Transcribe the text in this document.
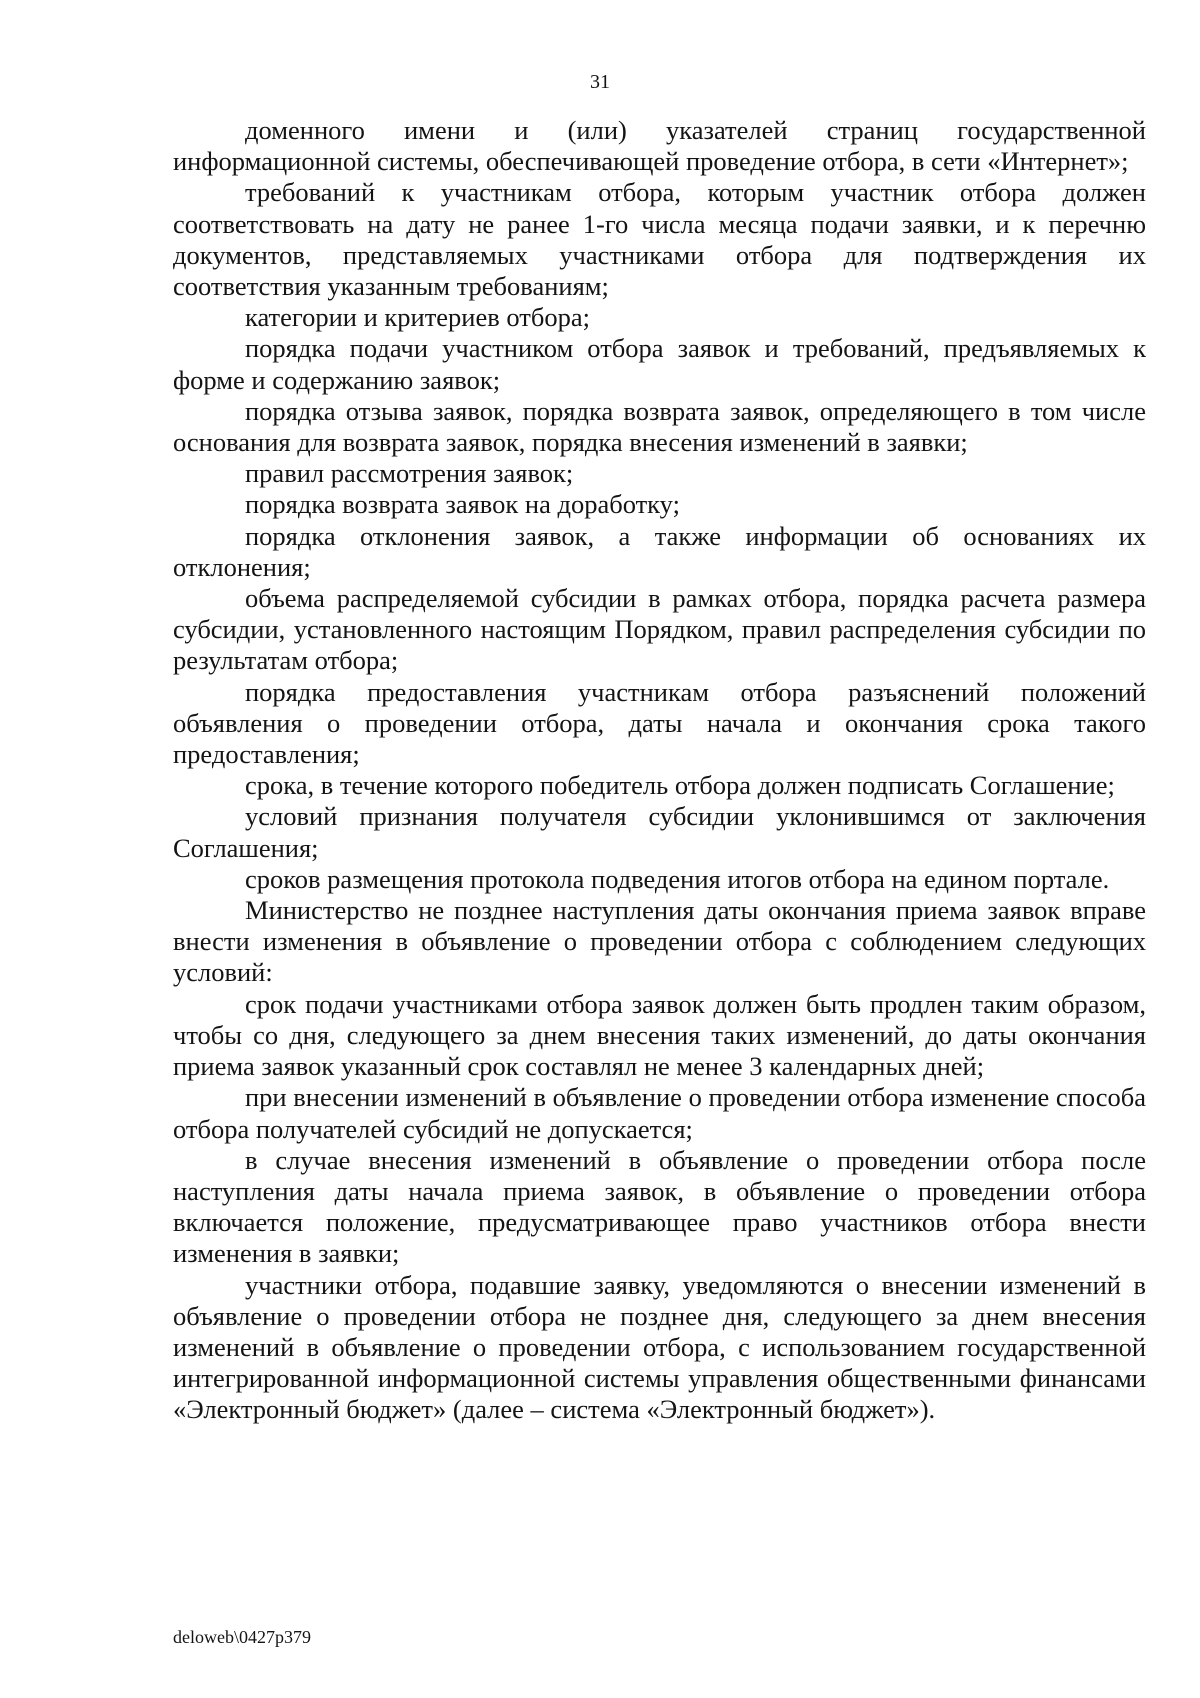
31

доменного имени и (или) указателей страниц государственной информационной системы, обеспечивающей проведение отбора, в сети «Интернет»;

требований к участникам отбора, которым участник отбора должен соответствовать на дату не ранее 1-го числа месяца подачи заявки, и к перечню документов, представляемых участниками отбора для подтверждения их соответствия указанным требованиям;

категории и критериев отбора;

порядка подачи участником отбора заявок и требований, предъявляемых к форме и содержанию заявок;

порядка отзыва заявок, порядка возврата заявок, определяющего в том числе основания для возврата заявок, порядка внесения изменений в заявки;

правил рассмотрения заявок;

порядка возврата заявок на доработку;

порядка отклонения заявок, а также информации об основаниях их отклонения;

объема распределяемой субсидии в рамках отбора, порядка расчета размера субсидии, установленного настоящим Порядком, правил распределения субсидии по результатам отбора;

порядка предоставления участникам отбора разъяснений положений объявления о проведении отбора, даты начала и окончания срока такого предоставления;

срока, в течение которого победитель отбора должен подписать Соглашение;

условий признания получателя субсидии уклонившимся от заключения Соглашения;

сроков размещения протокола подведения итогов отбора на едином портале.

Министерство не позднее наступления даты окончания приема заявок вправе внести изменения в объявление о проведении отбора с соблюдением следующих условий:

срок подачи участниками отбора заявок должен быть продлен таким образом, чтобы со дня, следующего за днем внесения таких изменений, до даты окончания приема заявок указанный срок составлял не менее 3 календарных дней;

при внесении изменений в объявление о проведении отбора изменение способа отбора получателей субсидий не допускается;

в случае внесения изменений в объявление о проведении отбора после наступления даты начала приема заявок, в объявление о проведении отбора включается положение, предусматривающее право участников отбора внести изменения в заявки;

участники отбора, подавшие заявку, уведомляются о внесении изменений в объявление о проведении отбора не позднее дня, следующего за днем внесения изменений в объявление о проведении отбора, с использованием государственной интегрированной информационной системы управления общественными финансами «Электронный бюджет» (далее – система «Электронный бюджет»).

deloweb\0427p379
